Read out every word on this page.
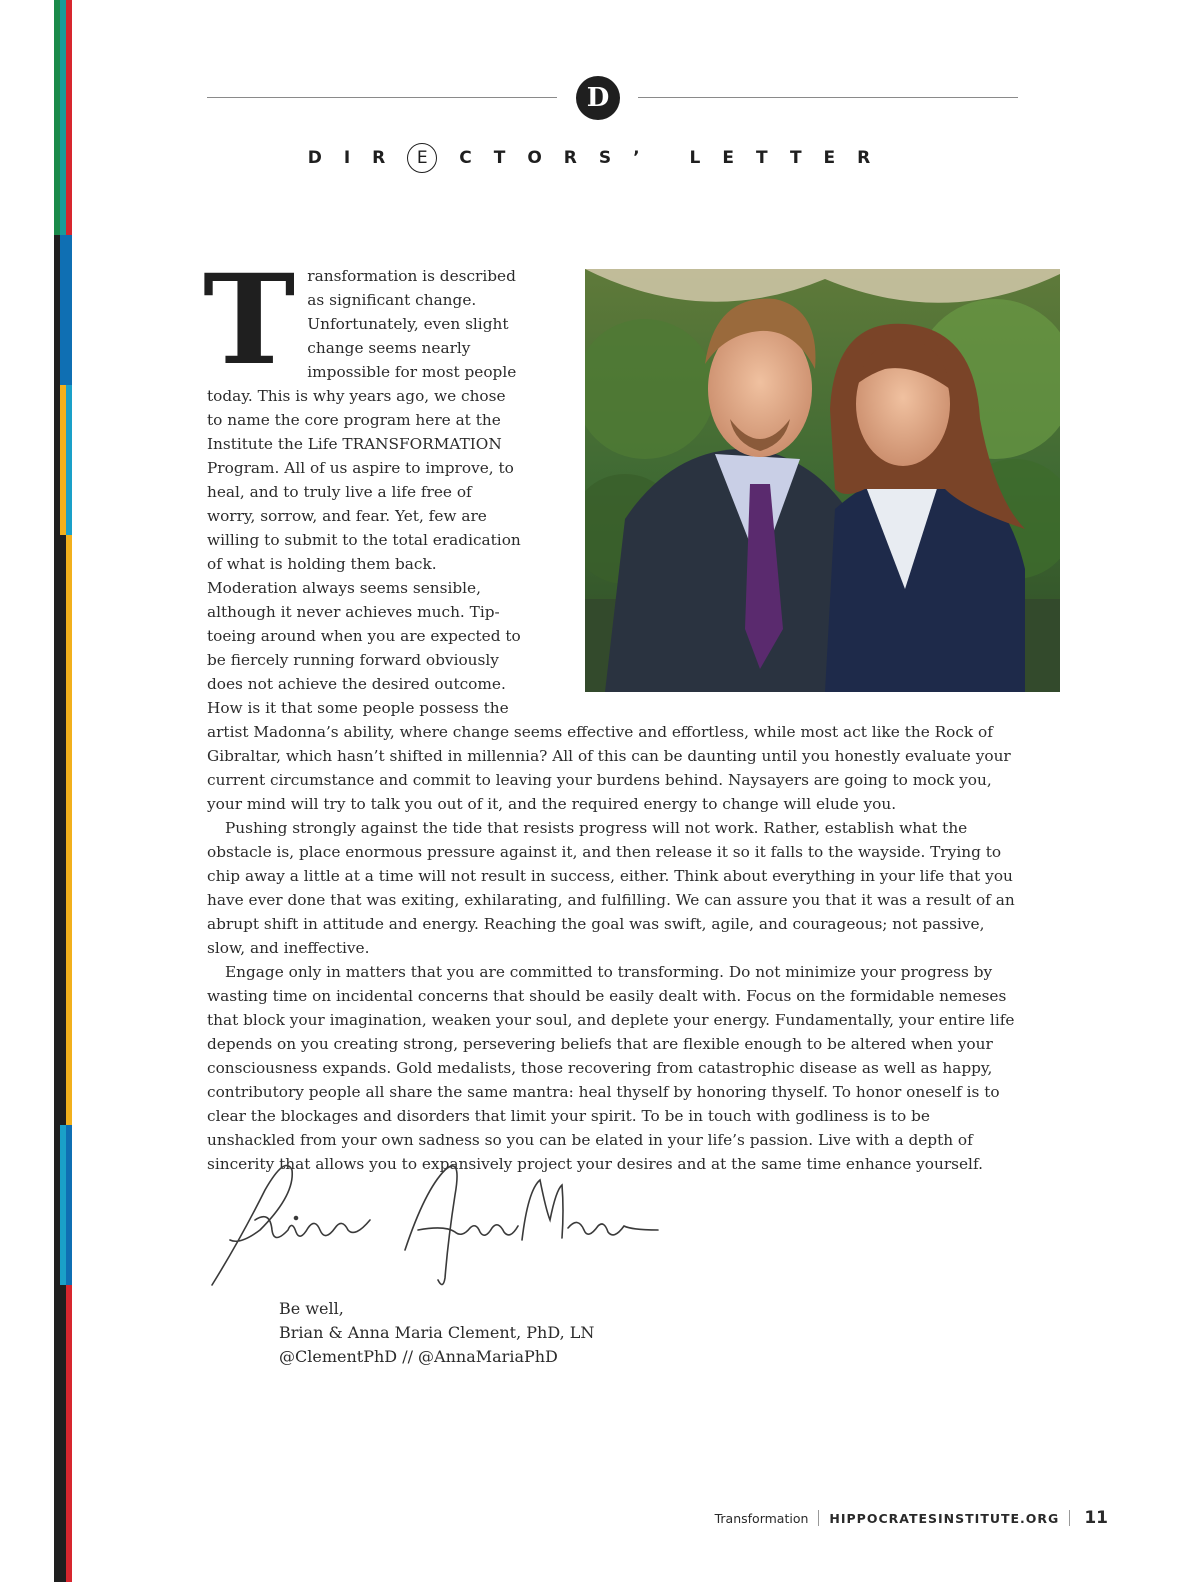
D
DIR E CTORS’ LETTER

Transformation is described as significant change. Unfortunately, even slight change seems nearly impossible for most people today. This is why years ago, we chose to name the core program here at the Institute the Life TRANSFORMATION Program. All of us aspire to improve, to heal, and to truly live a life free of worry, sorrow, and fear. Yet, few are willing to submit to the total eradication of what is holding them back. Moderation always seems sensible, although it never achieves much. Tip-toeing around when you are expected to be fiercely running forward obviously does not achieve the desired outcome. How is it that some people possess the artist Madonna’s ability, where change seems effective and effortless, while most act like the Rock of Gibraltar, which hasn’t shifted in millennia? All of this can be daunting until you honestly evaluate your current circumstance and commit to leaving your burdens behind. Naysayers are going to mock you, your mind will try to talk you out of it, and the required energy to change will elude you.

Pushing strongly against the tide that resists progress will not work. Rather, establish what the obstacle is, place enormous pressure against it, and then release it so it falls to the wayside. Trying to chip away a little at a time will not result in success, either. Think about everything in your life that you have ever done that was exiting, exhilarating, and fulfilling. We can assure you that it was a result of an abrupt shift in attitude and energy. Reaching the goal was swift, agile, and courageous; not passive, slow, and ineffective.

Engage only in matters that you are committed to transforming. Do not minimize your progress by wasting time on incidental concerns that should be easily dealt with. Focus on the formidable nemeses that block your imagination, weaken your soul, and deplete your energy. Fundamentally, your entire life depends on you creating strong, persevering beliefs that are flexible enough to be altered when your consciousness expands. Gold medalists, those recovering from catastrophic disease as well as happy, contributory people all share the same mantra: heal thyself by honoring thyself. To honor oneself is to clear the blockages and disorders that limit your spirit. To be in touch with godliness is to be unshackled from your own sadness so you can be elated in your life’s passion. Live with a depth of sincerity that allows you to expansively project your desires and at the same time enhance yourself.

Be well,
Brian & Anna Maria Clement, PhD, LN
@ClementPhD // @AnnaMariaPhD
Transformation HIPPOCRATESINSTITUTE.ORG 11
